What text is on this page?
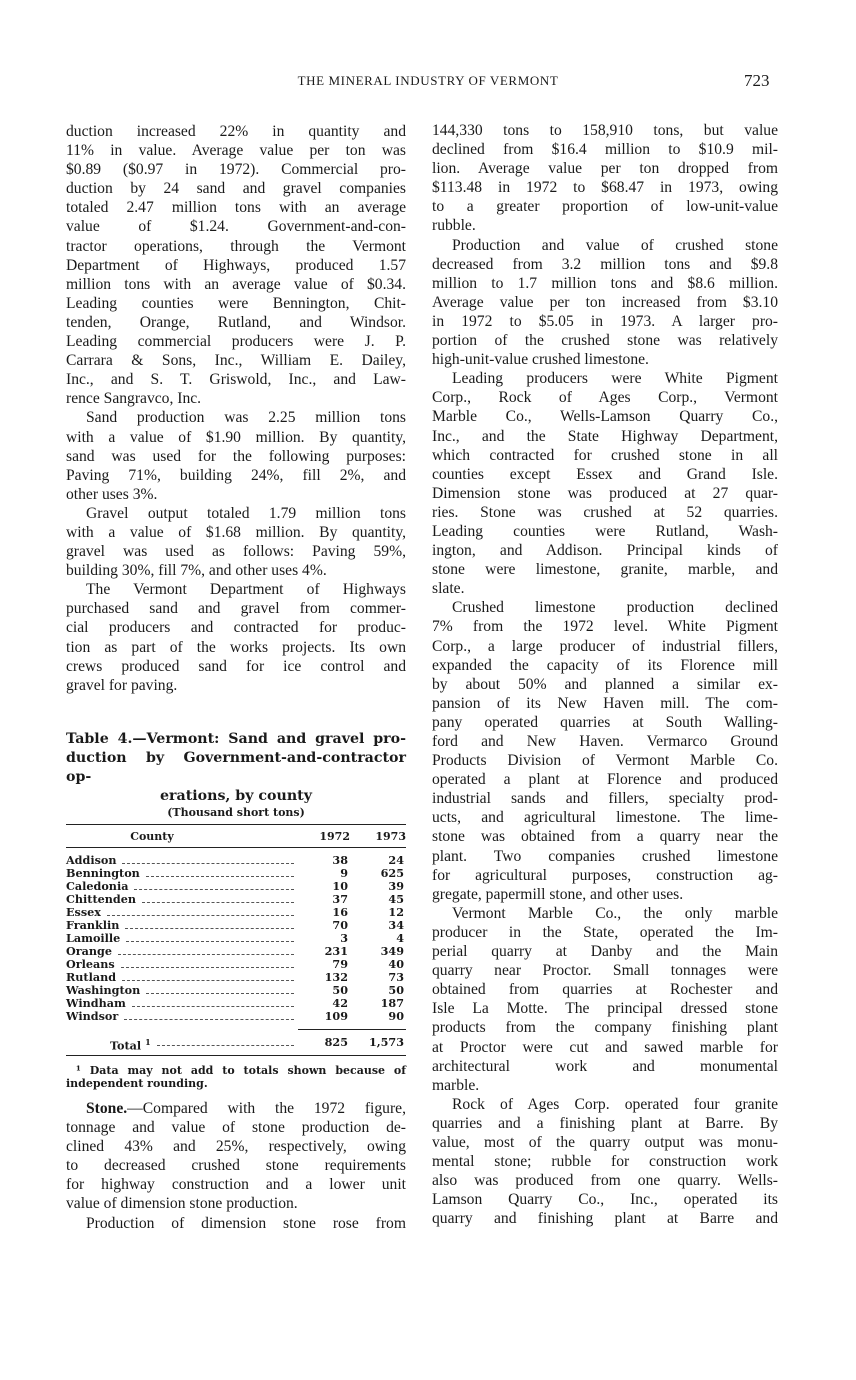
THE MINERAL INDUSTRY OF VERMONT	723
duction increased 22% in quantity and
11% in value. Average value per ton was
$0.89 ($0.97 in 1972). Commercial pro-
duction by 24 sand and gravel companies
totaled 2.47 million tons with an average
value of $1.24. Government-and-con-
tractor operations, through the Vermont
Department of Highways, produced 1.57
million tons with an average value of $0.34.
Leading counties were Bennington, Chit-
tenden, Orange, Rutland, and Windsor.
Leading commercial producers were J. P.
Carrara & Sons, Inc., William E. Dailey,
Inc., and S. T. Griswold, Inc., and Law-
rence Sangravco, Inc.
Sand production was 2.25 million tons
with a value of $1.90 million. By quantity,
sand was used for the following purposes:
Paving 71%, building 24%, fill 2%, and
other uses 3%.
Gravel output totaled 1.79 million tons
with a value of $1.68 million. By quantity,
gravel was used as follows: Paving 59%,
building 30%, fill 7%, and other uses 4%.
The Vermont Department of Highways
purchased sand and gravel from commer-
cial producers and contracted for produc-
tion as part of the works projects. Its own
crews produced sand for ice control and
gravel for paving.
Table 4.—Vermont: Sand and gravel pro-
duction by Government-and-contractor op-
erations, by county
(Thousand short tons)
County	1972	1973
Addison	38	24
Bennington	9	625
Caledonia	10	39
Chittenden	37	45
Essex	16	12
Franklin	70	34
Lamoille	3	4
Orange	231	349
Orleans	79	40
Rutland	132	73
Washington	50	50
Windham	42	187
Windsor	109	90
Total $^1$	825	1,573
¹ Data may not add to totals shown because of independent rounding.
Stone.—Compared with the 1972 figure,
tonnage and value of stone production de-
clined 43% and 25%, respectively, owing
to decreased crushed stone requirements
for highway construction and a lower unit
value of dimension stone production.
Production of dimension stone rose from
144,330 tons to 158,910 tons, but value
declined from $16.4 million to $10.9 mil-
lion. Average value per ton dropped from
$113.48 in 1972 to $68.47 in 1973, owing
to a greater proportion of low-unit-value
rubble.
Production and value of crushed stone
decreased from 3.2 million tons and $9.8
million to 1.7 million tons and $8.6 million.
Average value per ton increased from $3.10
in 1972 to $5.05 in 1973. A larger pro-
portion of the crushed stone was relatively
high-unit-value crushed limestone.
Leading producers were White Pigment
Corp., Rock of Ages Corp., Vermont
Marble Co., Wells-Lamson Quarry Co.,
Inc., and the State Highway Department,
which contracted for crushed stone in all
counties except Essex and Grand Isle.
Dimension stone was produced at 27 quar-
ries. Stone was crushed at 52 quarries.
Leading counties were Rutland, Wash-
ington, and Addison. Principal kinds of
stone were limestone, granite, marble, and
slate.
Crushed limestone production declined
7% from the 1972 level. White Pigment
Corp., a large producer of industrial fillers,
expanded the capacity of its Florence mill
by about 50% and planned a similar ex-
pansion of its New Haven mill. The com-
pany operated quarries at South Walling-
ford and New Haven. Vermarco Ground
Products Division of Vermont Marble Co.
operated a plant at Florence and produced
industrial sands and fillers, specialty prod-
ucts, and agricultural limestone. The lime-
stone was obtained from a quarry near the
plant. Two companies crushed limestone
for agricultural purposes, construction ag-
gregate, papermill stone, and other uses.
Vermont Marble Co., the only marble
producer in the State, operated the Im-
perial quarry at Danby and the Main
quarry near Proctor. Small tonnages were
obtained from quarries at Rochester and
Isle La Motte. The principal dressed stone
products from the company finishing plant
at Proctor were cut and sawed marble for
architectural work and monumental
marble.
Rock of Ages Corp. operated four granite
quarries and a finishing plant at Barre. By
value, most of the quarry output was monu-
mental stone; rubble for construction work
also was produced from one quarry. Wells-
Lamson Quarry Co., Inc., operated its
quarry and finishing plant at Barre and
